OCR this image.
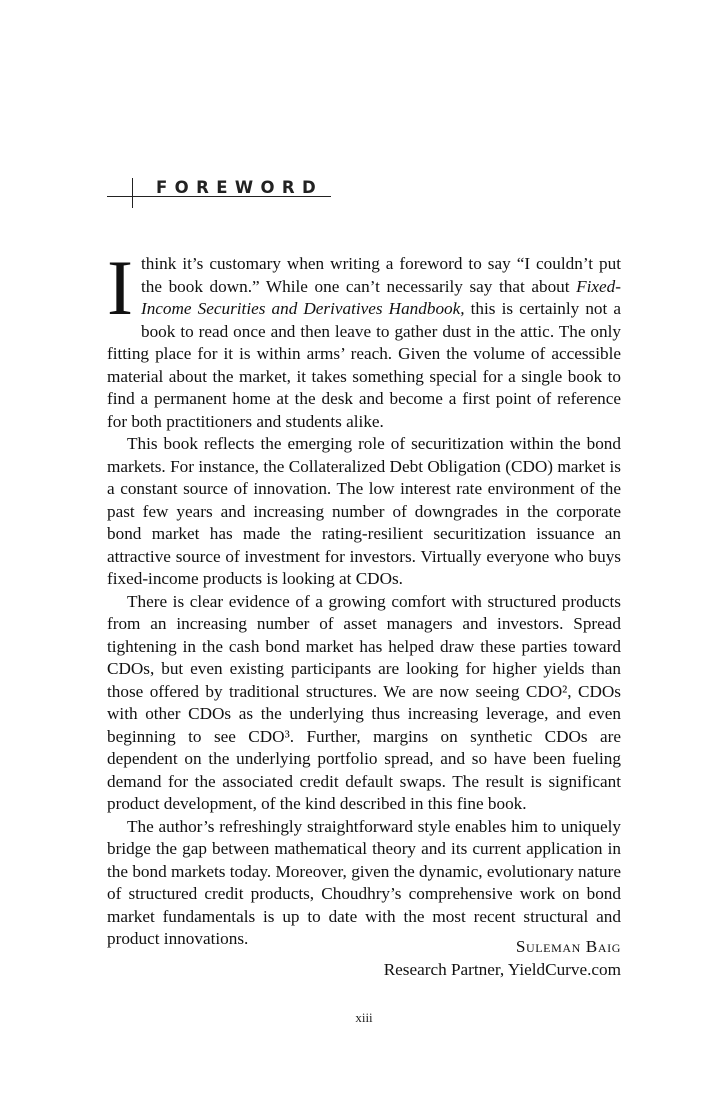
FOREWORD

I think it’s customary when writing a foreword to say “I couldn’t put the book down.” While one can’t necessarily say that about Fixed-Income Securities and Derivatives Handbook, this is certainly not a book to read once and then leave to gather dust in the attic. The only fitting place for it is within arms’ reach. Given the volume of accessible material about the market, it takes something special for a single book to find a permanent home at the desk and become a first point of reference for both practitioners and students alike.

This book reflects the emerging role of securitization within the bond markets. For instance, the Collateralized Debt Obligation (CDO) market is a constant source of innovation. The low interest rate environment of the past few years and increasing number of downgrades in the corporate bond market has made the rating-resilient securitization issuance an attractive source of investment for investors. Virtually everyone who buys fixed-income products is looking at CDOs.

There is clear evidence of a growing comfort with structured products from an increasing number of asset managers and investors. Spread tightening in the cash bond market has helped draw these parties toward CDOs, but even existing participants are looking for higher yields than those offered by traditional structures. We are now seeing CDO², CDOs with other CDOs as the underlying thus increasing leverage, and even beginning to see CDO³. Further, margins on synthetic CDOs are dependent on the underlying portfolio spread, and so have been fueling demand for the associated credit default swaps. The result is significant product development, of the kind described in this fine book.

The author’s refreshingly straightforward style enables him to uniquely bridge the gap between mathematical theory and its current application in the bond markets today. Moreover, given the dynamic, evolutionary nature of structured credit products, Choudhry’s comprehensive work on bond market fundamentals is up to date with the most recent structural and product innovations.	Suleman Baig
Research Partner, YieldCurve.com
xiii
